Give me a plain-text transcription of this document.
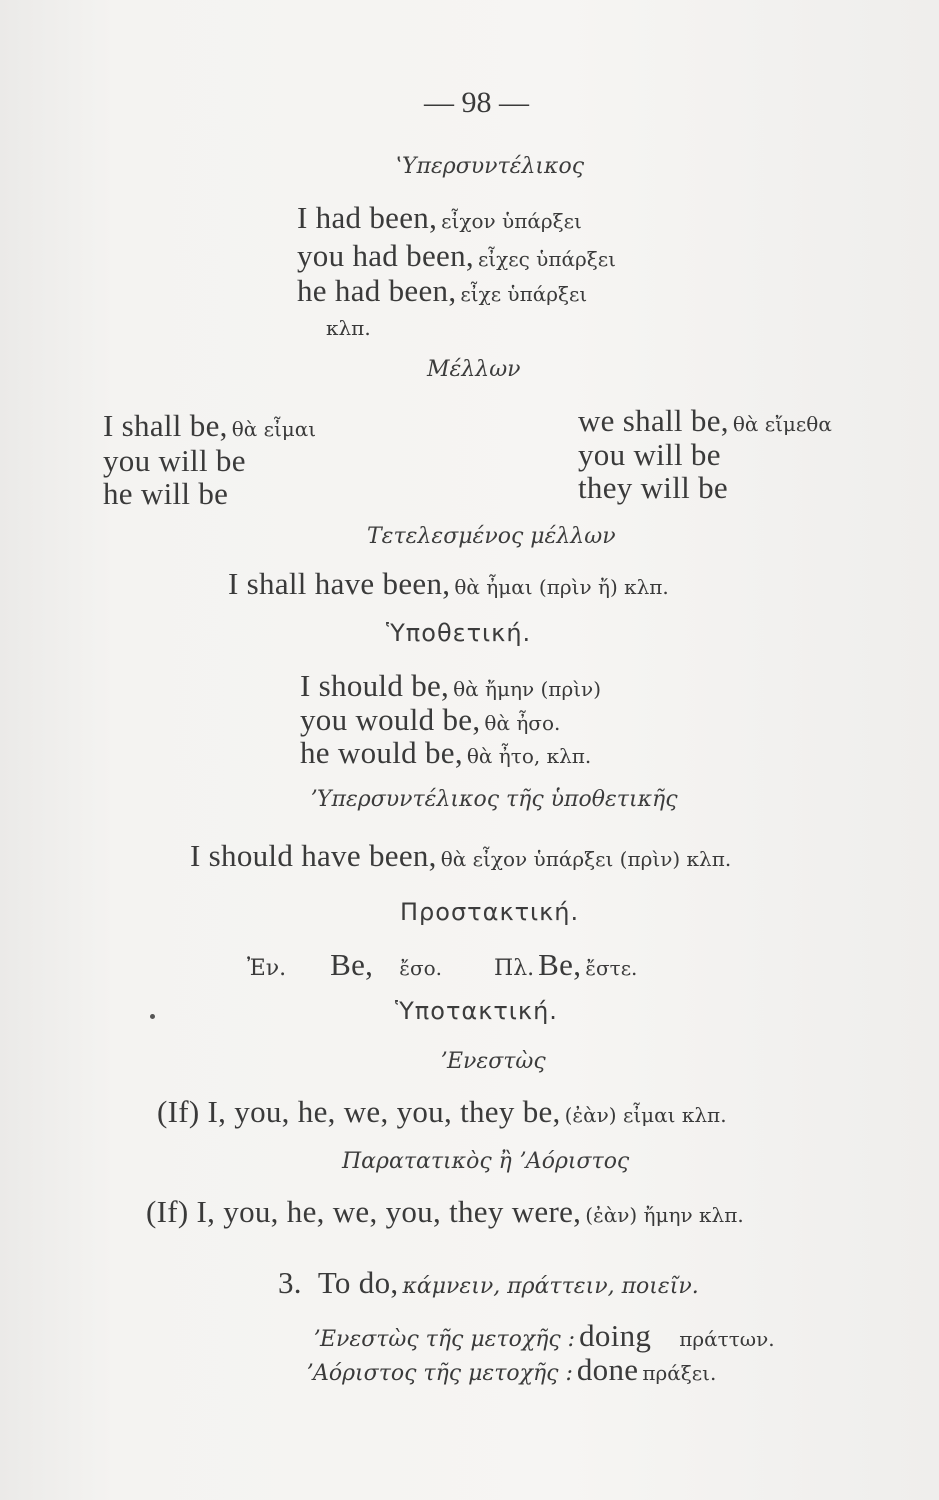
— 98 —
ʽΥπερσυντέλικος
I had been, εἶχον ὑπάρξει
you had been, εἶχες ὑπάρξει
he had been, εἶχε ὑπάρξει
κλπ.
Μέλλων
I shall be, θὰ εἶμαι
you will be
he will be
we shall be, θὰ εἴμεθα
you will be
they will be
Τετελεσμένος μέλλων
I shall have been, θὰ ἦμαι (πρὶν ἤ) κλπ.
Ὑποθετική.
I should be, θὰ ἤμην (πρὶν)
you would be, θὰ ἦσο.
he would be, θὰ ἦτο, κλπ.
ʼΥπερσυντέλικος τῆς ὑποθετικῆς
I should have been, θὰ εἶχον ὑπάρξει (πρὶν) κλπ.
Προστακτική.
Ἐν. Be, ἔσο. Πλ. Be, ἔστε.
Ὑποτακτική.
ʼΕνεστὼς
(If) I, you, he, we, you, they be, (ἐὰν) εἶμαι κλπ.
Παρατατικὸς ἢ ʼΑόριστος
(If) I, you, he, we, you, they were, (ἐὰν) ἤμην κλπ.
3. To do, κάμνειν, πράττειν, ποιεῖν.
ʼΕνεστὼς τῆς μετοχῆς : doing πράττων.
ʼΑόριστος τῆς μετοχῆς : done πράξει.
